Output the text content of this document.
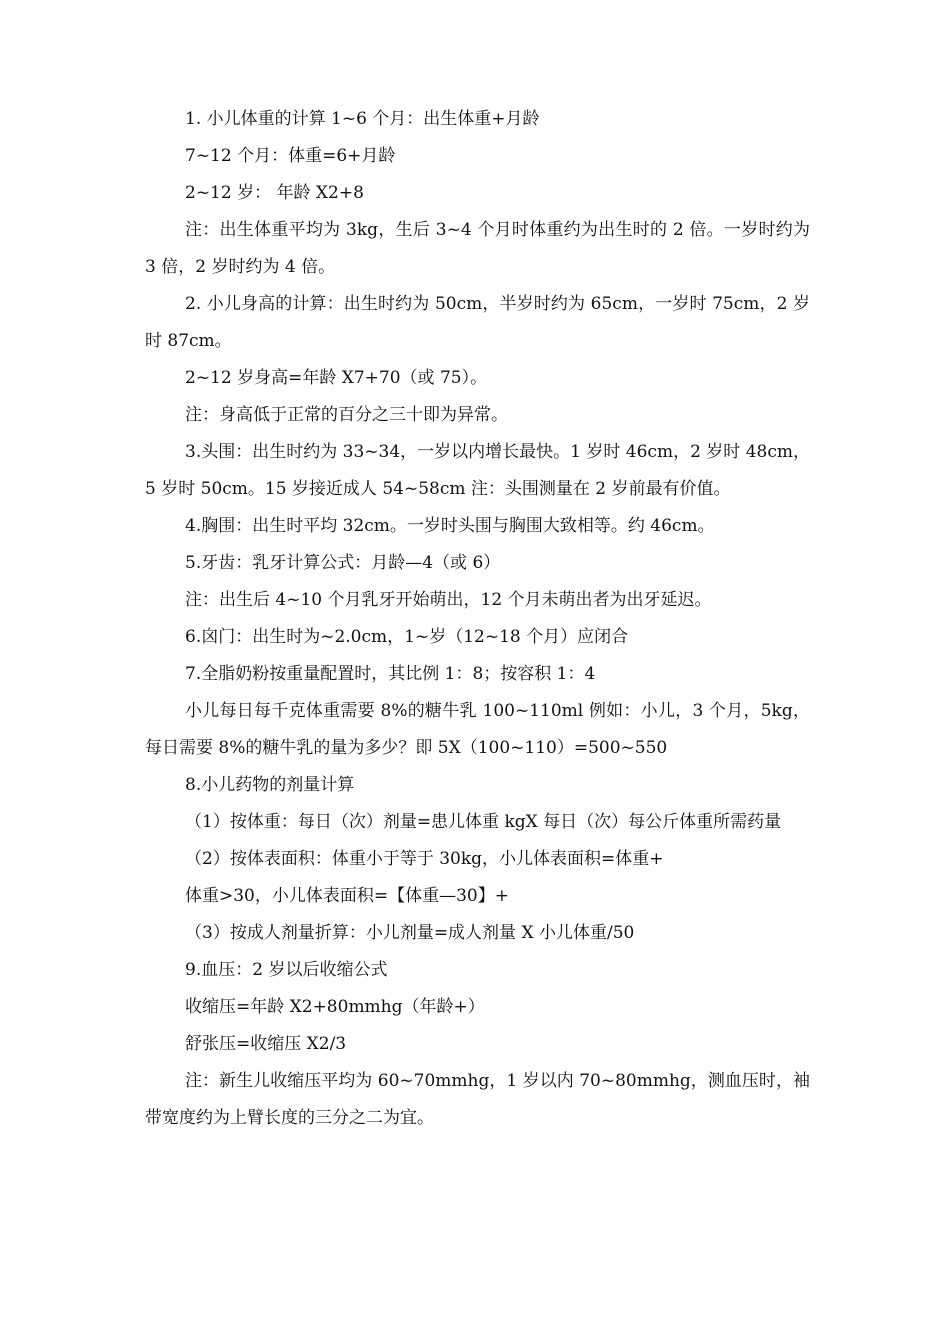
1. 小儿体重的计算 1~6 个月：出生体重+月龄

7~12 个月：体重=6+月龄

2~12 岁： 年龄 X2+8

注：出生体重平均为 3kg，生后 3~4 个月时体重约为出生时的 2 倍。一岁时约为 3 倍，2 岁时约为 4 倍。

2. 小儿身高的计算：出生时约为 50cm，半岁时约为 65cm，一岁时 75cm，2 岁时 87cm。

2~12 岁身高=年龄 X7+70（或 75）。

注：身高低于正常的百分之三十即为异常。

3.头围：出生时约为 33~34，一岁以内增长最快。1 岁时 46cm，2 岁时 48cm，5 岁时 50cm。15 岁接近成人 54~58cm 注：头围测量在 2 岁前最有价值。

4.胸围：出生时平均 32cm。一岁时头围与胸围大致相等。约 46cm。

5.牙齿：乳牙计算公式：月龄—4（或 6）

注：出生后 4~10 个月乳牙开始萌出，12 个月未萌出者为出牙延迟。

6.囟门：出生时为~2.0cm，1~岁（12~18 个月）应闭合

7.全脂奶粉按重量配置时，其比例 1：8；按容积 1：4

小儿每日每千克体重需要 8%的糖牛乳 100~110ml 例如：小儿，3 个月，5kg，每日需要 8%的糖牛乳的量为多少？即 5X（100~110）=500~550

8.小儿药物的剂量计算

（1）按体重：每日（次）剂量=患儿体重 kgX 每日（次）每公斤体重所需药量

（2）按体表面积：体重小于等于 30kg，小儿体表面积=体重+

体重>30，小儿体表面积=【体重—30】+

（3）按成人剂量折算：小儿剂量=成人剂量 X 小儿体重/50

9.血压：2 岁以后收缩公式

收缩压=年龄 X2+80mmhg（年龄+）

舒张压=收缩压 X2/3

注：新生儿收缩压平均为 60~70mmhg，1 岁以内 70~80mmhg，测血压时，袖带宽度约为上臂长度的三分之二为宜。
